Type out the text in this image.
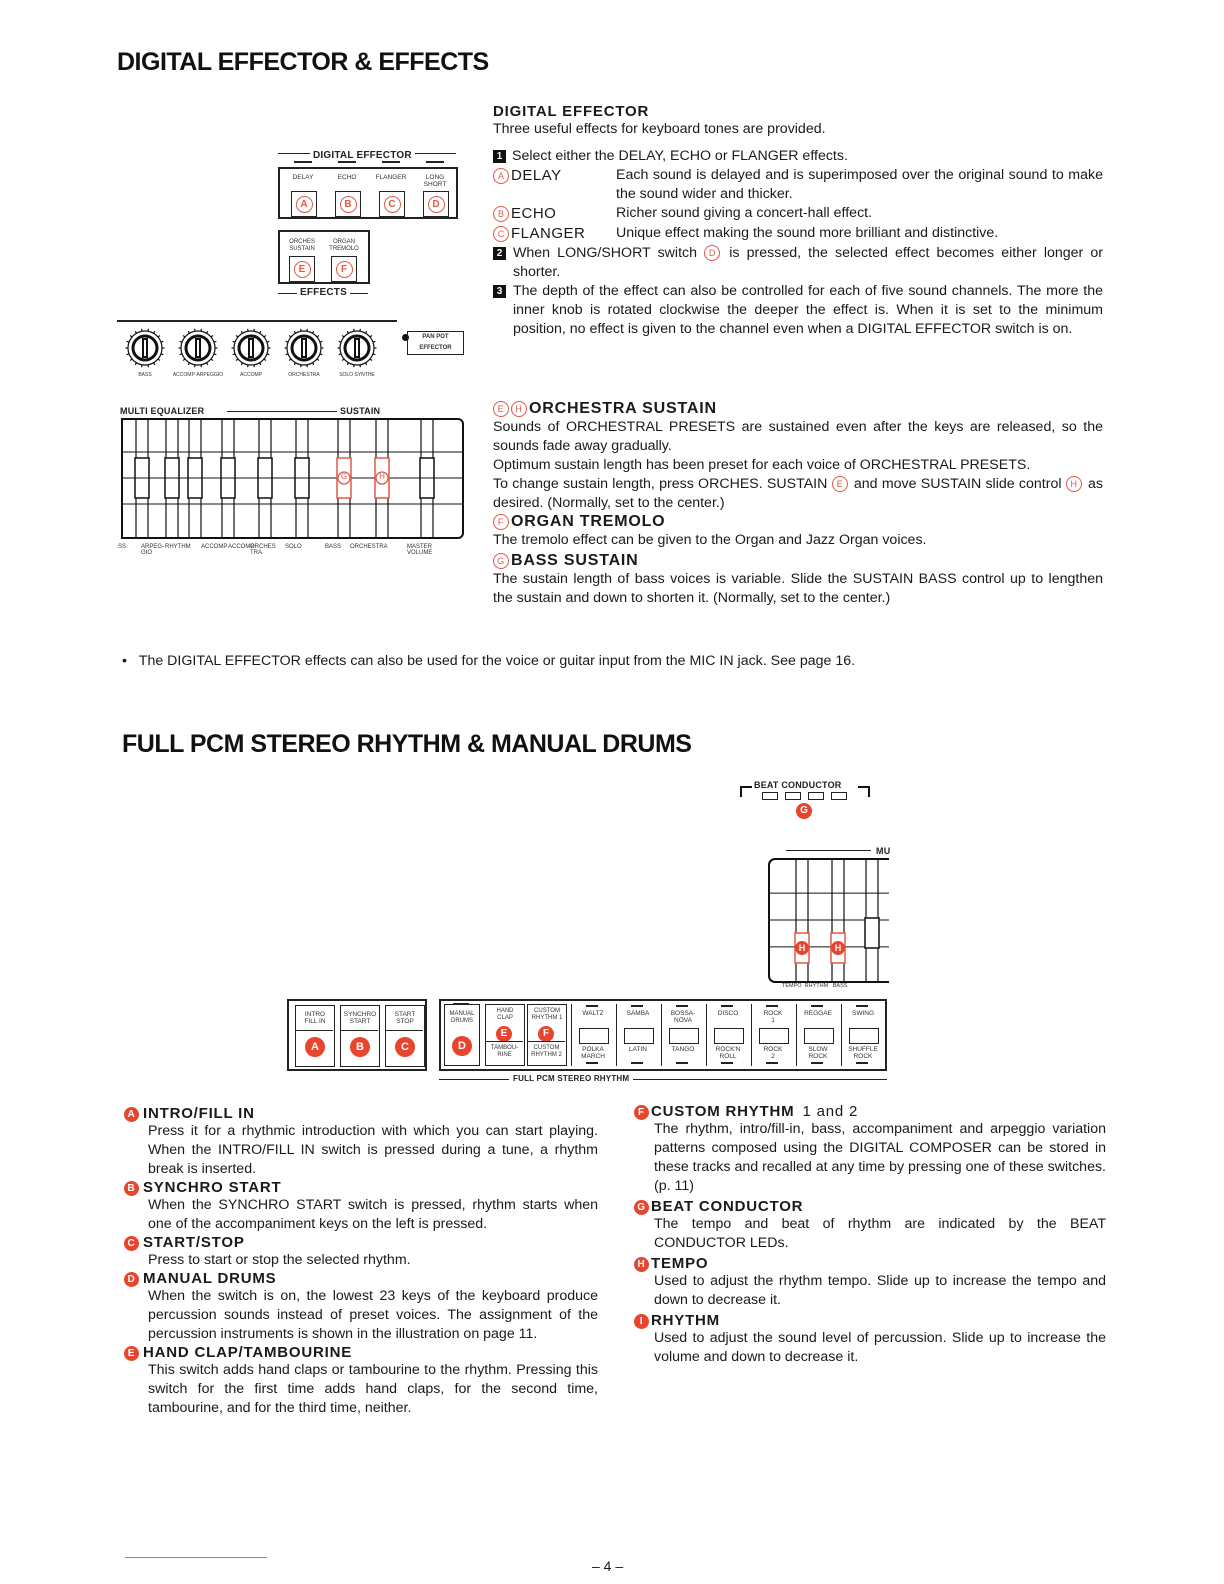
DIGITAL EFFECTOR & EFFECTS
DIGITAL EFFECTOR
DELAY
A
ECHO
B
FLANGER
C
LONG
SHORT
D
ORCHES
SUSTAIN
E
ORGAN
TREMOLO
F
EFFECTS
BASS	ACCOMP·ARPEGGIO	ACCOMP	ORCHESTRA	SOLO SYNTHE
PAN POT
EFFECTOR
MULTI EQUALIZER	SUSTAIN
SS	ARPEG-
GIO
RHYTHM	ACCOMP ACCOMP
ORCHES
TRA
SOLO	BASS	ORCHESTRA	MASTER
VOLUME
G	H
DIGITAL EFFECTOR
Three useful effects for keyboard tones are provided.
1 Select either the DELAY, ECHO or FLANGER effects.
A DELAY	Each sound is delayed and is superimposed over the original sound to make the sound wider and thicker.
B ECHO	Richer sound giving a concert-hall effect.
C FLANGER	Unique effect making the sound more brilliant and distinctive.
2 When LONG/SHORT switch D is pressed, the selected effect becomes either longer or shorter.
3 The depth of the effect can also be controlled for each of five sound channels. The more the inner knob is rotated clockwise the deeper the effect is. When it is set to the minimum position, no effect is given to the channel even when a DIGITAL EFFECTOR switch is on.
E H ORCHESTRA SUSTAIN
Sounds of ORCHESTRAL PRESETS are sustained even after the keys are released, so the sounds fade away gradually.
Optimum sustain length has been preset for each voice of ORCHESTRAL PRESETS.
To change sustain length, press ORCHES. SUSTAIN E and move SUSTAIN slide control H as desired. (Normally, set to the center.)
F ORGAN TREMOLO
The tremolo effect can be given to the Organ and Jazz Organ voices.
G BASS SUSTAIN
The sustain length of bass voices is variable. Slide the SUSTAIN BASS control up to lengthen the sustain and down to shorten it. (Normally, set to the center.)
•   The DIGITAL EFFECTOR effects can also be used for the voice or guitar input from the MIC IN jack. See page 16.
FULL PCM STEREO RHYTHM & MANUAL DRUMS
BEAT CONDUCTOR
G
MU
H	H
TEMPO RHYTHM BASS
INTRO
FILL IN
A
SYNCHRO
START
B
START
STOP
C
MANUAL
DRUMS
D
HAND
CLAP
E
TAMBOU-
RINE
CUSTOM
RHYTHM 1
F
CUSTOM
RHYTHM 2
WALTZ
POLKA
MARCH
SAMBA
LATIN
BOSSA-
NOVA
TANGO
DISCO
ROCK'N
ROLL
ROCK
1
ROCK
2
REGGAE
SLOW
ROCK
SWING
SHUFFLE
ROCK
FULL PCM STEREO RHYTHM
A INTRO/FILL IN
Press it for a rhythmic introduction with which you can start playing. When the INTRO/FILL IN switch is pressed during a tune, a rhythm break is inserted.
B SYNCHRO START
When the SYNCHRO START switch is pressed, rhythm starts when one of the accompaniment keys on the left is pressed.
C START/STOP
Press to start or stop the selected rhythm.
D MANUAL DRUMS
When the switch is on, the lowest 23 keys of the keyboard produce percussion sounds instead of preset voices. The assignment of the percussion instruments is shown in the illustration on page 11.
E HAND CLAP/TAMBOURINE
This switch adds hand claps or tambourine to the rhythm. Pressing this switch for the first time adds hand claps, for the second time, tambourine, and for the third time, neither.
F CUSTOM RHYTHM 1 and 2
The rhythm, intro/fill-in, bass, accompaniment and arpeggio variation patterns composed using the DIGITAL COMPOSER can be stored in these tracks and recalled at any time by pressing one of these switches. (p. 11)
G BEAT CONDUCTOR
The tempo and beat of rhythm are indicated by the BEAT CONDUCTOR LEDs.
H TEMPO
Used to adjust the rhythm tempo. Slide up to increase the tempo and down to decrease it.
I RHYTHM
Used to adjust the sound level of percussion. Slide up to increase the volume and down to decrease it.
– 4 –
